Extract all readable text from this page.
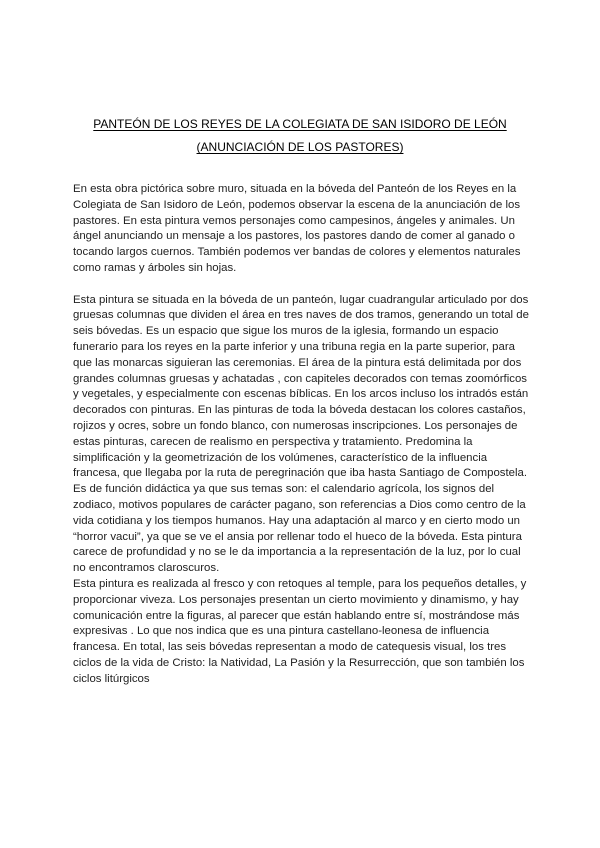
PANTEÓN DE LOS REYES DE LA COLEGIATA DE SAN ISIDORO DE LEÓN (ANUNCIACIÓN DE LOS PASTORES)

En esta obra pictórica sobre muro, situada en la bóveda del Panteón de los Reyes en la Colegiata de San Isidoro de León, podemos observar la escena de la anunciación de los pastores. En esta pintura vemos personajes como campesinos, ángeles y animales. Un ángel anunciando un mensaje a los pastores, los pastores dando de comer al ganado o tocando largos cuernos. También podemos ver bandas de colores y elementos naturales como ramas y árboles sin hojas.

Esta pintura se situada en la bóveda de un panteón, lugar cuadrangular articulado por dos gruesas columnas que dividen el área en tres naves de dos tramos, generando un total de seis bóvedas. Es un espacio que sigue los muros de la iglesia, formando un espacio funerario para los reyes en la parte inferior y una tribuna regia en la parte superior, para que las monarcas siguieran las ceremonias. El área de la pintura está delimitada por dos grandes columnas gruesas y achatadas , con capiteles decorados con temas zoomórficos y vegetales, y especialmente con escenas bíblicas. En los arcos incluso los intradós están decorados con pinturas. En las pinturas de toda la bóveda destacan los colores castaños, rojizos y ocres, sobre un fondo blanco, con numerosas inscripciones. Los personajes de estas pinturas, carecen de realismo en perspectiva y tratamiento. Predomina la simplificación y la geometrización de los volúmenes, característico de la influencia francesa, que llegaba por la ruta de peregrinación que iba hasta Santiago de Compostela. Es de función didáctica ya que sus temas son: el calendario agrícola, los signos del zodiaco, motivos populares de carácter pagano, son referencias a Dios como centro de la vida cotidiana y los tiempos humanos. Hay una adaptación al marco y en cierto modo un “horror vacui”, ya que se ve el ansia por rellenar todo el hueco de la bóveda. Esta pintura carece de profundidad y no se le da importancia a la representación de la luz, por lo cual no encontramos claroscuros.

Esta pintura es realizada al fresco y con retoques al temple, para los pequeños detalles, y proporcionar viveza. Los personajes presentan un cierto movimiento y dinamismo, y hay comunicación entre la figuras, al parecer que están hablando entre sí, mostrándose más expresivas . Lo que nos indica que es una pintura castellano-leonesa de influencia francesa. En total, las seis bóvedas representan a modo de catequesis visual, los tres ciclos de la vida de Cristo: la Natividad, La Pasión y la Resurrección, que son también los ciclos litúrgicos
